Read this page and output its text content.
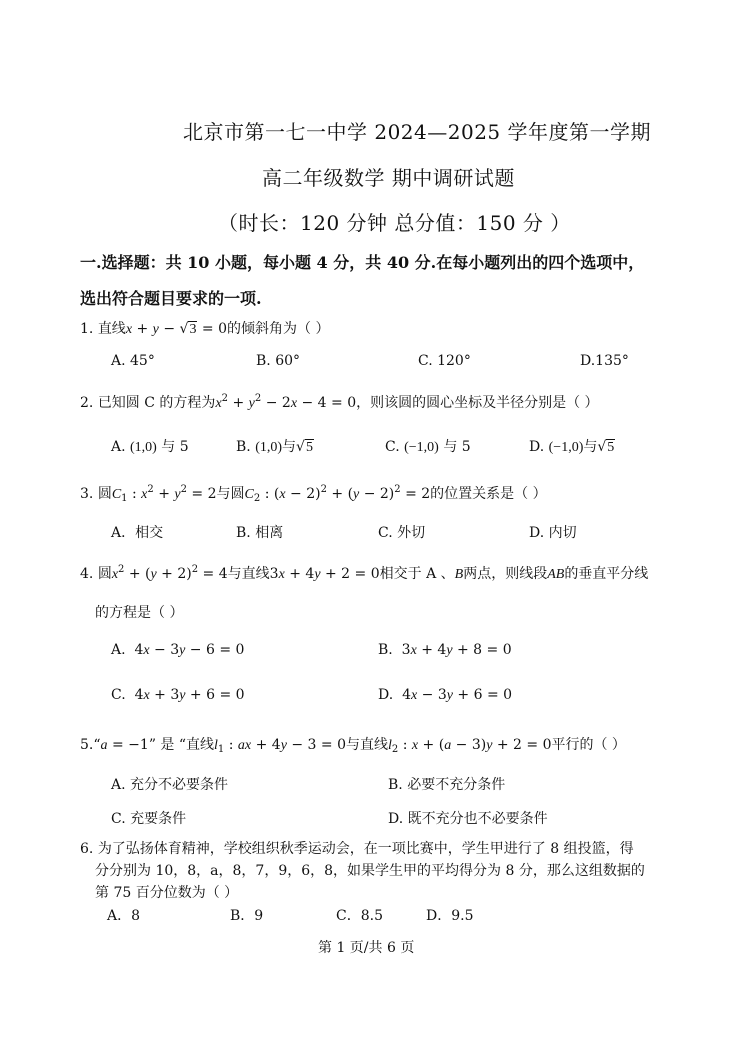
北京市第一七一中学 2024—2025 学年度第一学期
高二年级数学 期中调研试题
（时长：120 分钟 总分值：150 分 ）
一.选择题：共 10 小题，每小题 4 分，共 40 分.在每小题列出的四个选项中，
选出符合题目要求的一项.
1. 直线x + y − √3 = 0的倾斜角为（ ）
A. 45°	B. 60°	C. 120°	D.135°
2. 已知圆 C 的方程为$x^2 + y^2 - 2x - 4 = 0$，则该圆的圆心坐标及半径分别是（ ）
A. (1,0) 与 5	B. (1,0)与√5	C. (−1,0) 与 5	D. (−1,0)与√5
3. 圆$C_1$ : $x^2 + y^2 = 2$与圆$C_2$ : $(x - 2)^2 + (y - 2)^2 = 2$的位置关系是（ ）
A．相交	B. 相离	C. 外切	D. 内切
4. 圆$x^2 + (y + 2)^2 = 4$与直线3x + 4y + 2 = 0相交于 A 、B两点，则线段AB的垂直平分线
的方程是（ ）
A.  4x − 3y − 6 = 0	B.  3x + 4y + 8 = 0
C.  4x + 3y + 6 = 0	D.  4x − 3y + 6 = 0
5.“a = −1” 是 “直线$l_1$ : ax + 4y − 3 = 0与直线$l_2$ : x + (a − 3)y + 2 = 0平行的（ ）
A. 充分不必要条件	B. 必要不充分条件
C. 充要条件	D. 既不充分也不必要条件
6. 为了弘扬体育精神，学校组织秋季运动会，在一项比赛中，学生甲进行了 8 组投篮，得
分分别为 10，8，a，8，7，9，6，8，如果学生甲的平均得分为 8 分，那么这组数据的
第 75 百分位数为（ ）
A．8	B．9	C．8.5	D．9.5
第 1 页/共 6 页
